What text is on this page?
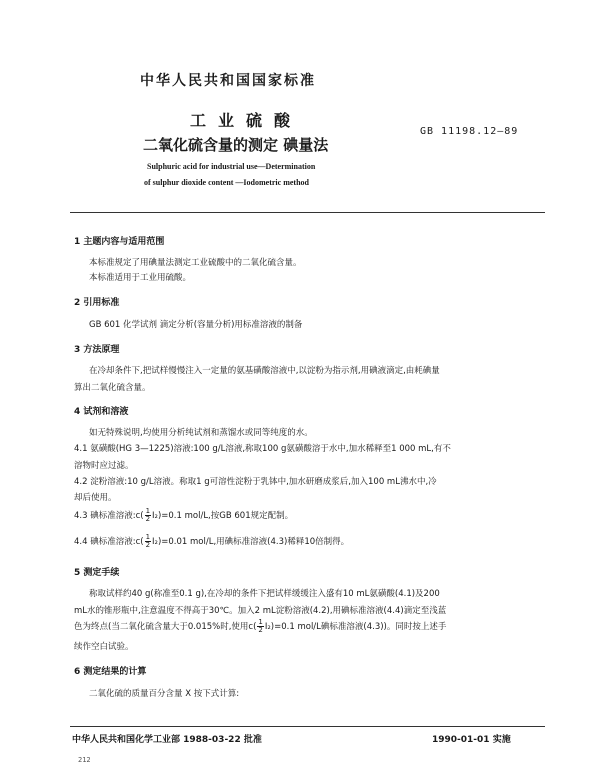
中华人民共和国国家标准
工业硫酸
二氧化硫含量的测定 碘量法
GB 11198.12—89
Sulphuric acid for industrial use—Determination
of sulphur dioxide content —Iodometric method
1 主题内容与适用范围
本标准规定了用碘量法测定工业硫酸中的二氧化硫含量。
本标准适用于工业用硫酸。
2 引用标准
GB 601 化学试剂 滴定分析(容量分析)用标准溶液的制备
3 方法原理
在冷却条件下,把试样慢慢注入一定量的氨基磺酸溶液中,以淀粉为指示剂,用碘液滴定,由耗碘量
算出二氧化硫含量。
4 试剂和溶液
如无特殊说明,均使用分析纯试剂和蒸馏水或同等纯度的水。
4.1 氨磺酸(HG 3—1225)溶液:100 g/L溶液,称取100 g氨磺酸溶于水中,加水稀释至1 000 mL,有不
溶物时应过滤。
4.2 淀粉溶液:10 g/L溶液。称取1 g可溶性淀粉于乳钵中,加水研磨成浆后,加入100 mL沸水中,冷
却后使用。
4.3 碘标准溶液:c( $\frac{1}{2} I_2)=0.1$ mol/L,按GB 601规定配制。
4.4 碘标准溶液:c( $\frac{1}{2} I_2)=0.01$ mol/L,用碘标准溶液(4.3)稀释10倍制得。
5 测定手续
称取试样约40 g(称准至0.1 g),在冷却的条件下把试样缓缓注入盛有10 mL氨磺酸(4.1)及200
mL水的锥形瓶中,注意温度不得高于30℃。加入2 mL淀粉溶液(4.2),用碘标准溶液(4.4)滴定至浅蓝
色为终点(当二氧化硫含量大于0.015%时,使用$c( \frac{1}{2} I_2)=0.1$ mol/L碘标准溶液(4.3))。同时按上述手
续作空白试验。
6 测定结果的计算
二氧化硫的质量百分含量 X 按下式计算:
中华人民共和国化学工业部 1988-03-22 批准	1990-01-01 实施
212
